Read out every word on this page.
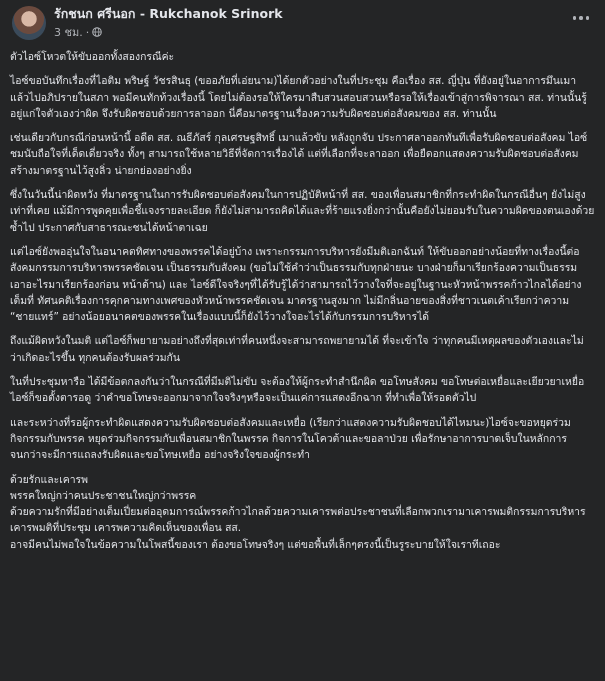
รักชนก ศรีนอก - Rukchanok Srinork
3 ชม. ·

ตัวไอซ์โหวตให้ขับออกทั้งสองกรณีค่ะ

ไอซ์ขอบันทึกเรื่องที่ไอติม พริษฐ์ วัชรสินธุ (ขออภัยที่เอ่ยนาม)ได้ยกตัวอย่างในที่ประชุม คือเรื่อง สส. ญี่ปุ่น ที่ยังอยู่ในอาการมึนเมาแล้วไปอภิปรายในสภา พอมีคนทักท้วงเรื่องนี้ โดยไม่ต้องรอให้ใครมาสืบสวนสอบสวนหรือรอให้เรื่องเข้าสู่การพิจารณา สส. ท่านนั้นรู้อยู่แก่ใจตัวเองว่าผิด จึงรับผิดชอบด้วยการลาออก นี่คือมาตรฐานเรื่องความรับผิดชอบต่อสังคมของ สส. ท่านนั้น

เช่นเดียวกับกรณีก่อนหน้านี้ อดีต สส. ณธีภัสร์ กุลเศรษฐสิทธิ์ เมาแล้วขับ หลังถูกจับ ประกาศลาออกทันทีเพื่อรับผิดชอบต่อสังคม ไอซ์ชมนับถือใจที่เด็ดเดี่ยวจริง ทั้งๆ สามารถใช้หลายวิธีที่จัดการเรื่องได้ แต่ที่เลือกที่จะลาออก เพื่อยืดอกแสดงความรับผิดชอบต่อสังคม สร้างมาตรฐานไว้สูงลิ่ว น่ายกย่องอย่างยิ่ง

ซึ่งในวันนี้น่าผิดหวัง ที่มาตรฐานในการรับผิดชอบต่อสังคมในการปฏิบัติหน้าที่ สส. ของเพื่อนสมาชิกที่กระทำผิดในกรณีอื่นๆ ยังไม่สูงเท่าที่เคย แม้มีการพูดคุยเพื่อชี้แจงรายละเอียด ก็ยังไม่สามารถคิดได้และที่ร้ายแรงยิ่งกว่านั้นคือยังไม่ยอมรับในความผิดของตนเองด้วยซ้ำไป ประกาศกับสาธารณะชนได้หน้าตาเฉย

แต่ไอซ์ยังพออุ่นใจในอนาคตทิศทางของพรรคได้อยู่บ้าง เพราะกรรมการบริหารยังมีมติเอกฉันท์ ให้ขับออกอย่างน้อยที่ทางเรื่องนี้ต่อสังคมกรรมการบริหารพรรคชัดเจน เป็นธรรมกับสังคม (ขอไม่ใช้คำว่าเป็นธรรมกับทุกฝ่ายนะ บางฝ่ายก็มาเรียกร้องความเป็นธรรม เอาอะไรมาเรียกร้องก่อน หน้าด้าน) และ ไอซ์ดีใจจริงๆที่ได้รับรู้ได้ว่าสามารถไว้วางใจที่จะอยู่ในฐานะหัวหน้าพรรคก้าวไกลได้อย่างเต็มที่ ทัศนคติเรื่องการคุกคามทางเพศของหัวหน้าพรรคชัดเจน มาตรฐานสูงมาก ไม่มีกลิ่นอายของสิ่งที่ชาวเนตเค้าเรียกว่าความ “ชายแทร์” อย่างน้อยอนาคตของพรรคในเรื่องแบบนี้ก็ยังไว้วางใจอะไรได้กับกรรมการบริหารได้

ถึงแม้ผิดหวังในมติ แต่ไอซ์ก็พยายามอย่างถึงที่สุดเท่าที่คนหนึ่งจะสามารถพยายามได้ ที่จะเข้าใจ ว่าทุกคนมีเหตุผลของตัวเองและไม่ว่าเกิดอะไรขึ้น ทุกคนต้องรับผลร่วมกัน

ในที่ประชุมหารือ ได้มีข้อตกลงกันว่าในกรณีที่มีมติไม่ขับ จะต้องให้ผู้กระทำสำนึกผิด ขอโทษสังคม ขอโทษต่อเหยื่อและเยียวยาเหยื่อ ไอซ์ก็ขอตั้งตารอดู ว่าคำขอโทษจะออกมาจากใจจริงๆหรือจะเป็นแค่การแสดงอีกฉาก ที่ทำเพื่อให้รอดตัวไป

และระหว่างที่รอผู้กระทำผิดแสดงความรับผิดชอบต่อสังคมและเหยื่อ (เรียกว่าแสดงความรับผิดชอบได้ไหมนะ)ไอซ์จะขอหยุดร่วมกิจกรรมกับพรรค หยุดร่วมกิจกรรมกับเพื่อนสมาชิกในพรรค กิจการในโควต้าและขอลาป่วย เพื่อรักษาอาการบาดเจ็บในหลักการ จนกว่าจะมีการแถลงรับผิดและขอโทษเหยื่อ อย่างจริงใจของผู้กระทำ

ด้วยรักและเคารพ
พรรคใหญ่กว่าคนประชาชนใหญ่กว่าพรรค
ด้วยความรักที่มีอย่างเต็มเปี่ยมต่ออุดมการณ์พรรคก้าวไกลด้วยความเคารพต่อประชาชนที่เลือกพวกเรามาเคารพมติกรรมการบริหาร เคารพมติที่ประชุม เคารพความคิดเห็นของเพื่อน สส.
อาจมีคนไม่พอใจในข้อความในโพสนี้ของเรา ต้องขอโทษจริงๆ แต่ขอพื้นที่เล็กๆตรงนี้เป็นรูระบายให้ใจเราทีเถอะ
